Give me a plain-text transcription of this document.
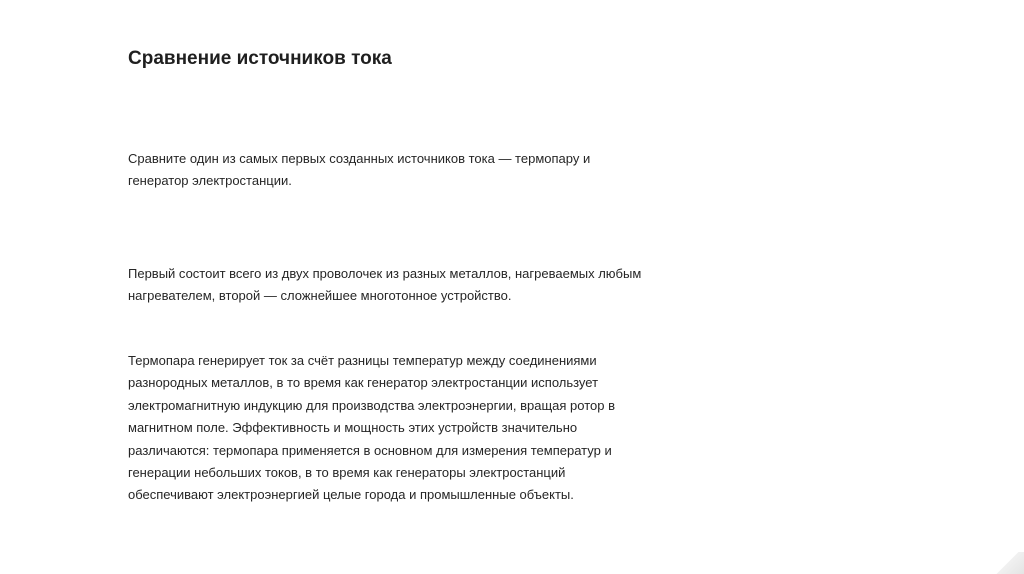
Сравнение источников тока

Сравните один из самых первых созданных источников тока — термопару и
генератор электростанции.

Первый состоит всего из двух проволочек из разных металлов, нагреваемых любым
нагревателем, второй — сложнейшее многотонное устройство.

Термопара генерирует ток за счёт разницы температур между соединениями
разнородных металлов, в то время как генератор электростанции использует
электромагнитную индукцию для производства электроэнергии, вращая ротор в
магнитном поле. Эффективность и мощность этих устройств значительно
различаются: термопара применяется в основном для измерения температур и
генерации небольших токов, в то время как генераторы электростанций
обеспечивают электроэнергией целые города и промышленные объекты.
